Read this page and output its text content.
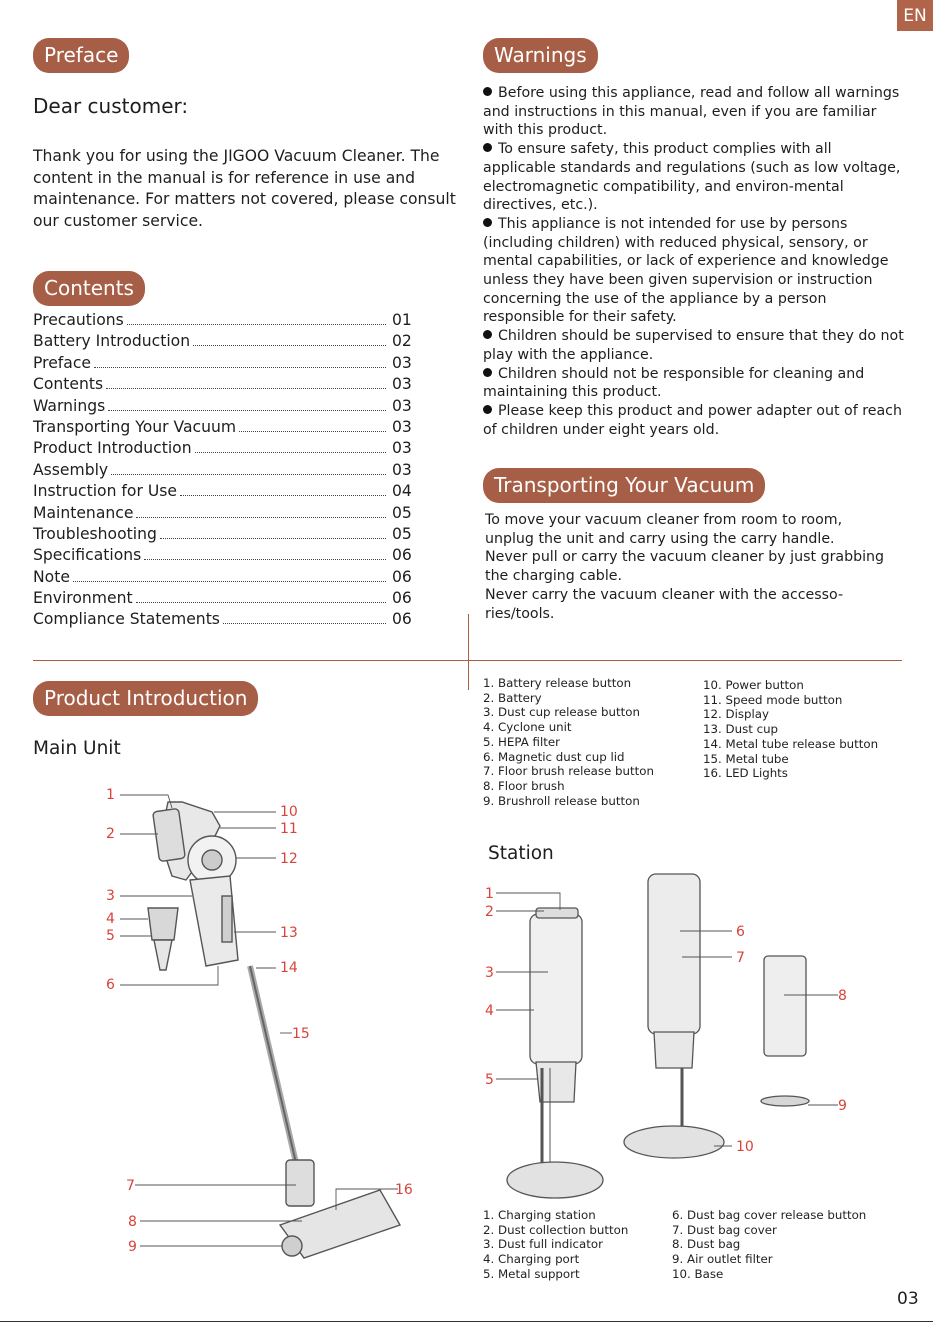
EN
Preface
Dear customer:
Thank you for using the JIGOO Vacuum Cleaner. The content in the manual is for reference in use and maintenance. For matters not covered, please consult our customer service.
Contents
Precautions	01
Battery Introduction	02
Preface	03
Contents	03
Warnings	03
Transporting Your Vacuum	03
Product Introduction	03
Assembly	03
Instruction for Use	04
Maintenance	05
Troubleshooting	05
Specifications	06
Note	06
Environment	06
Compliance Statements	06
Warnings
Before using this appliance, read and follow all warnings and instructions in this manual, even if you are familiar with this product.
To ensure safety, this product complies with all applicable standards and regulations (such as low voltage, electromagnetic compatibility, and environ-mental directives, etc.).
This appliance is not intended for use by persons (including children) with reduced physical, sensory, or mental capabilities, or lack of experience and knowledge unless they have been given supervision or instruction concerning the use of the appliance by a person responsible for their safety.
Children should be supervised to ensure that they do not play with the appliance.
Children should not be responsible for cleaning and maintaining this product.
Please keep this product and power adapter out of reach of children under eight years old.
Transporting Your Vacuum
To move your vacuum cleaner from room to room, unplug the unit and carry using the carry handle.
Never pull or carry the vacuum cleaner by just grabbing the charging cable.
Never carry the vacuum cleaner with the accesso-ries/tools.
Product Introduction
Main Unit
1. Battery release button
2. Battery
3. Dust cup release button
4. Cyclone unit
5. HEPA filter
6. Magnetic dust cup lid
7. Floor brush release button
8. Floor brush
9. Brushroll release button
10. Power button
11. Speed mode button
12. Display
13. Dust cup
14. Metal tube release button
15. Metal tube
16. LED Lights
1
2
3
4
5
6
7
8
9
10
11
12
13
14
15
16
Station
1
2
3
4
5
6
7
8
9
10
1. Charging station
2. Dust collection button
3. Dust full indicator
4. Charging port
5. Metal support
6. Dust bag cover release button
7. Dust bag cover
8. Dust bag
9. Air outlet filter
10. Base
03
